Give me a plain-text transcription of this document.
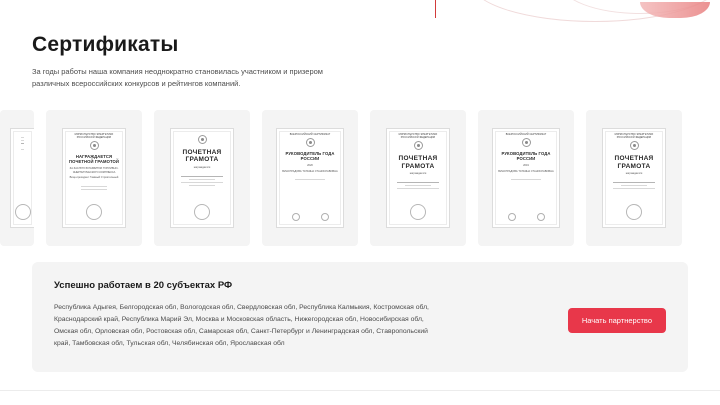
Сертификаты

За годы работы наша компания неоднократно становилась участником и призером различных всероссийских конкурсов и рейтингов компаний.

МИНИСТЕРСТВО ЭНЕРГЕТИКИ РОССИЙСКОЙ ФЕДЕРАЦИИ
НАГРАЖДАЕТСЯ ПОЧЕТНОЙ ГРАМОТОЙ
ЗА ЗАСЛУГИ В РАЗВИТИИ ТОПЛИВНО-ЭНЕРГЕТИЧЕСКОГО КОМПЛЕКСА
Вице-президент Главный Строительный
ПОЧЕТНАЯ ГРАМОТА
награждается
ВСЕРОССИЙСКИЙ СЕРТИФИКАТ
РУКОВОДИТЕЛЬ ГОДА РОССИИ
2020
ВИНОГРАДОВА ТАТЬЯНА СТАНИСЛАВОВНА
МИНИСТЕРСТВО ЭНЕРГЕТИКИ РОССИЙСКОЙ ФЕДЕРАЦИИ
ПОЧЕТНАЯ ГРАМОТА
награждается
ВСЕРОССИЙСКИЙ СЕРТИФИКАТ
РУКОВОДИТЕЛЬ ГОДА РОССИИ
2019
ВИНОГРАДОВА ТАТЬЯНА СТАНИСЛАВОВНА
МИНИСТЕРСТВО ЭНЕРГЕТИКИ РОССИЙСКОЙ ФЕДЕРАЦИИ
ПОЧЕТНАЯ ГРАМОТА
награждается
Успешно работаем в 20 субъектах РФ
Республика Адыгея, Белгородская обл, Вологодская обл, Свердловская обл, Республика Калмыкия, Костромская обл, Краснодарский край, Республика Марий Эл, Москва и Московская область, Нижегородская обл, Новосибирская обл, Омская обл, Орловская обл, Ростовская обл, Самарская обл, Санкт-Петербург и Ленинградская обл, Ставропольский край, Тамбовская обл, Тульская обл, Челябинская обл, Ярославская обл
Начать партнерство
